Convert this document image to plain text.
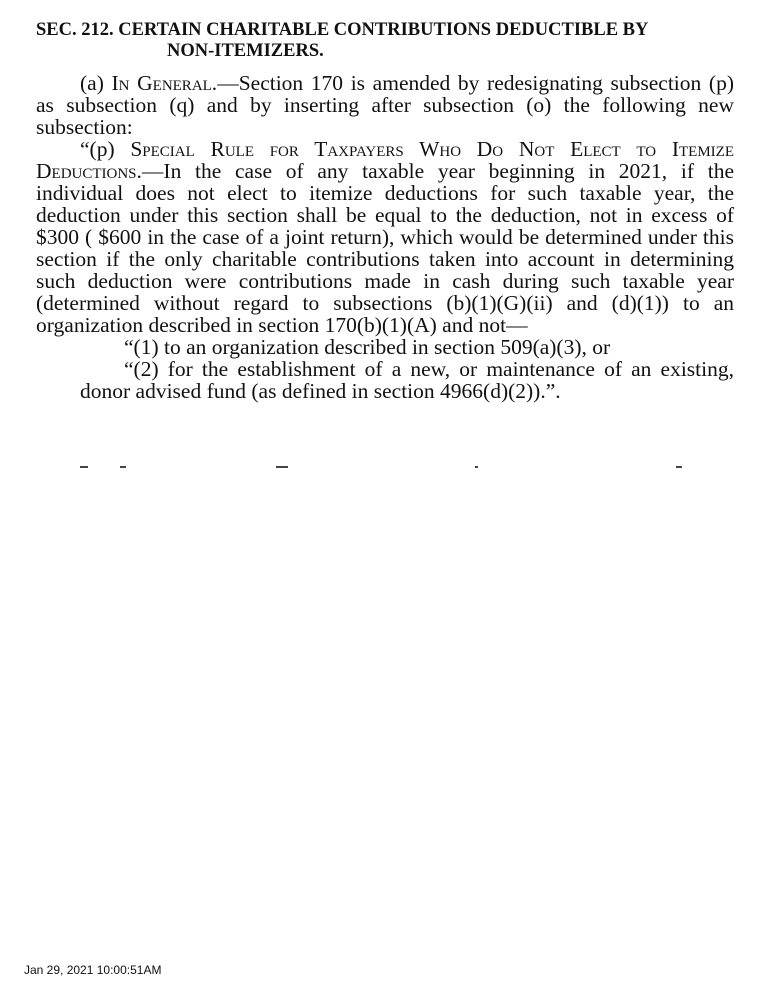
SEC. 212. CERTAIN CHARITABLE CONTRIBUTIONS DEDUCTIBLE BY
NON-ITEMIZERS.

(a) In General.—Section 170 is amended by redesignating subsection (p) as subsection (q) and by inserting after subsection (o) the following new subsection:

“(p) Special Rule for Taxpayers Who Do Not Elect to Itemize Deductions.—In the case of any taxable year beginning in 2021, if the individual does not elect to itemize deductions for such taxable year, the deduction under this section shall be equal to the deduction, not in excess of $300 ( $600 in the case of a joint return), which would be determined under this section if the only charitable contributions taken into account in determining such deduction were contributions made in cash during such taxable year (determined without regard to subsections (b)(1)(G)(ii) and (d)(1)) to an organization described in section 170(b)(1)(A) and not—

“(1) to an organization described in section 509(a)(3), or

“(2) for the establishment of a new, or maintenance of an existing, donor advised fund (as defined in section 4966(d)(2)).”.

Jan 29, 2021 10:00:51AM
